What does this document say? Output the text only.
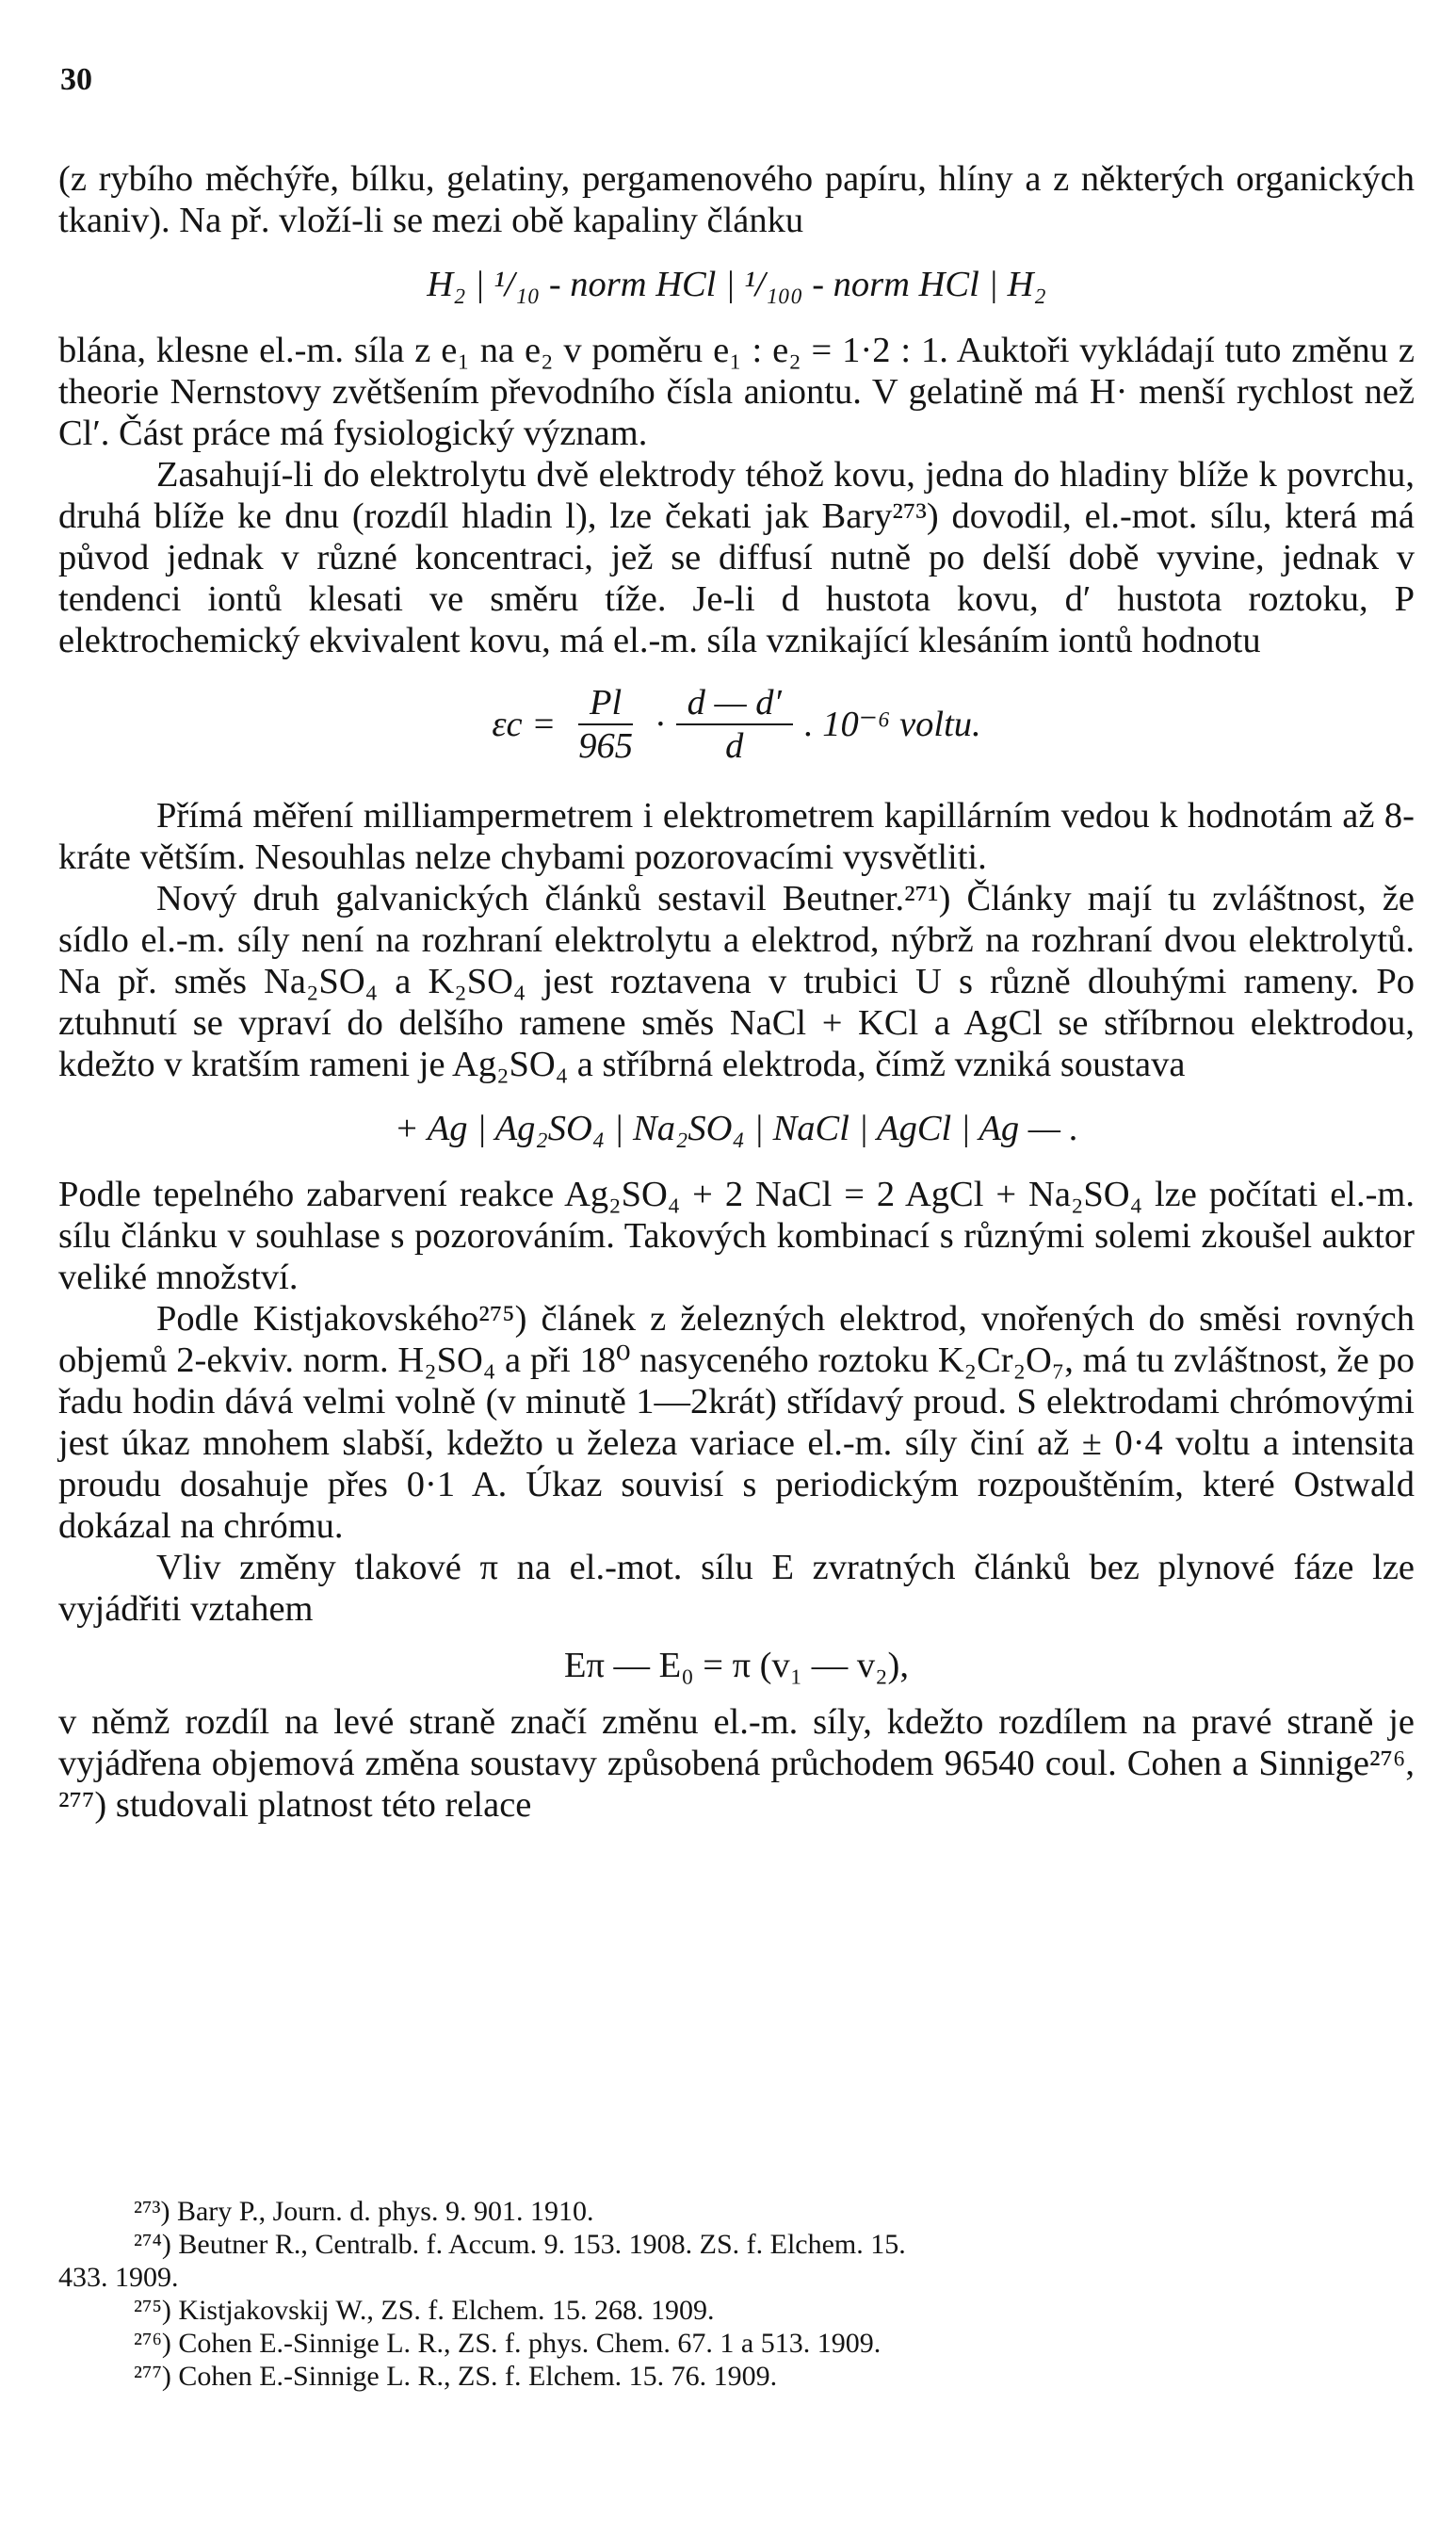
30

(z rybího měchýře, bílku, gelatiny, pergamenového papíru, hlíny a z některých organických tkaniv). Na př. vloží-li se mezi obě kapaliny článku

H₂ | ¹/₁₀ - norm HCl | ¹/₁₀₀ - norm HCl | H₂

blána, klesne el.-m. síla z e₁ na e₂ v poměru e₁ : e₂ = 1·2 : 1. Auktoři vykládají tuto změnu z theorie Nernstovy zvětšením převodního čísla aniontu. V gelatině má H· menší rychlost než Cl′. Část práce má fysiologický význam.

Zasahují-li do elektrolytu dvě elektrody téhož kovu, jedna do hladiny blíže k povrchu, druhá blíže ke dnu (rozdíl hladin l), lze čekati jak Bary²⁷³) dovodil, el.-mot. sílu, která má původ jednak v různé koncentraci, jež se diffusí nutně po delší době vyvine, jednak v tendenci iontů klesati ve směru tíže. Je-li d hustota kovu, d′ hustota roztoku, P elektrochemický ekvivalent kovu, má el.-m. síla vznikající klesáním iontů hodnotu

$\varepsilon c = \frac{Pl}{965} \cdot \frac{d — d'}{d}$ . 10⁻⁶ voltu.

Přímá měření milliampermetrem i elektrometrem kapillárním vedou k hodnotám až 8-kráte větším. Nesouhlas nelze chybami pozorovacími vysvětliti.

Nový druh galvanických článků sestavil Beutner.²⁷¹) Články mají tu zvláštnost, že sídlo el.-m. síly není na rozhraní elektrolytu a elektrod, nýbrž na rozhraní dvou elektrolytů. Na př. směs Na₂SO₄ a K₂SO₄ jest roztavena v trubici U s různě dlouhými rameny. Po ztuhnutí se vpraví do delšího ramene směs NaCl + KCl a AgCl se stříbrnou elektrodou, kdežto v kratším rameni je Ag₂SO₄ a stříbrná elektroda, čímž vzniká soustava

+ Ag | Ag₂SO₄ | Na₂SO₄ | NaCl | AgCl | Ag — .

Podle tepelného zabarvení reakce Ag₂SO₄ + 2 NaCl = 2 AgCl + Na₂SO₄ lze počítati el.-m. sílu článku v souhlase s pozorováním. Takových kombinací s různými solemi zkoušel auktor veliké množství.

Podle Kistjakovského²⁷⁵) článek z železných elektrod, vnořených do směsi rovných objemů 2-ekviv. norm. H₂SO₄ a při 18⁰ nasyceného roztoku K₂Cr₂O₇, má tu zvláštnost, že po řadu hodin dává velmi volně (v minutě 1—2krát) střídavý proud. S elektrodami chrómovými jest úkaz mnohem slabší, kdežto u železa variace el.-m. síly činí až ± 0·4 voltu a intensita proudu dosahuje přes 0·1 A. Úkaz souvisí s periodickým rozpouštěním, které Ostwald dokázal na chrómu.

Vliv změny tlakové π na el.-mot. sílu E zvratných článků bez plynové fáze lze vyjádřiti vztahem

Eπ — E₀ = π (v₁ — v₂),

v němž rozdíl na levé straně značí změnu el.-m. síly, kdežto rozdílem na pravé straně je vyjádřena objemová změna soustavy způsobená průchodem 96540 coul. Cohen a Sinnige²⁷⁶, ²⁷⁷) studovali platnost této relace

²⁷³) Bary P., Journ. d. phys. 9. 901. 1910.

²⁷⁴) Beutner R., Centralb. f. Accum. 9. 153. 1908. ZS. f. Elchem. 15.

433. 1909.

²⁷⁵) Kistjakovskij W., ZS. f. Elchem. 15. 268. 1909.

²⁷⁶) Cohen E.-Sinnige L. R., ZS. f. phys. Chem. 67. 1 a 513. 1909.

²⁷⁷) Cohen E.-Sinnige L. R., ZS. f. Elchem. 15. 76. 1909.
